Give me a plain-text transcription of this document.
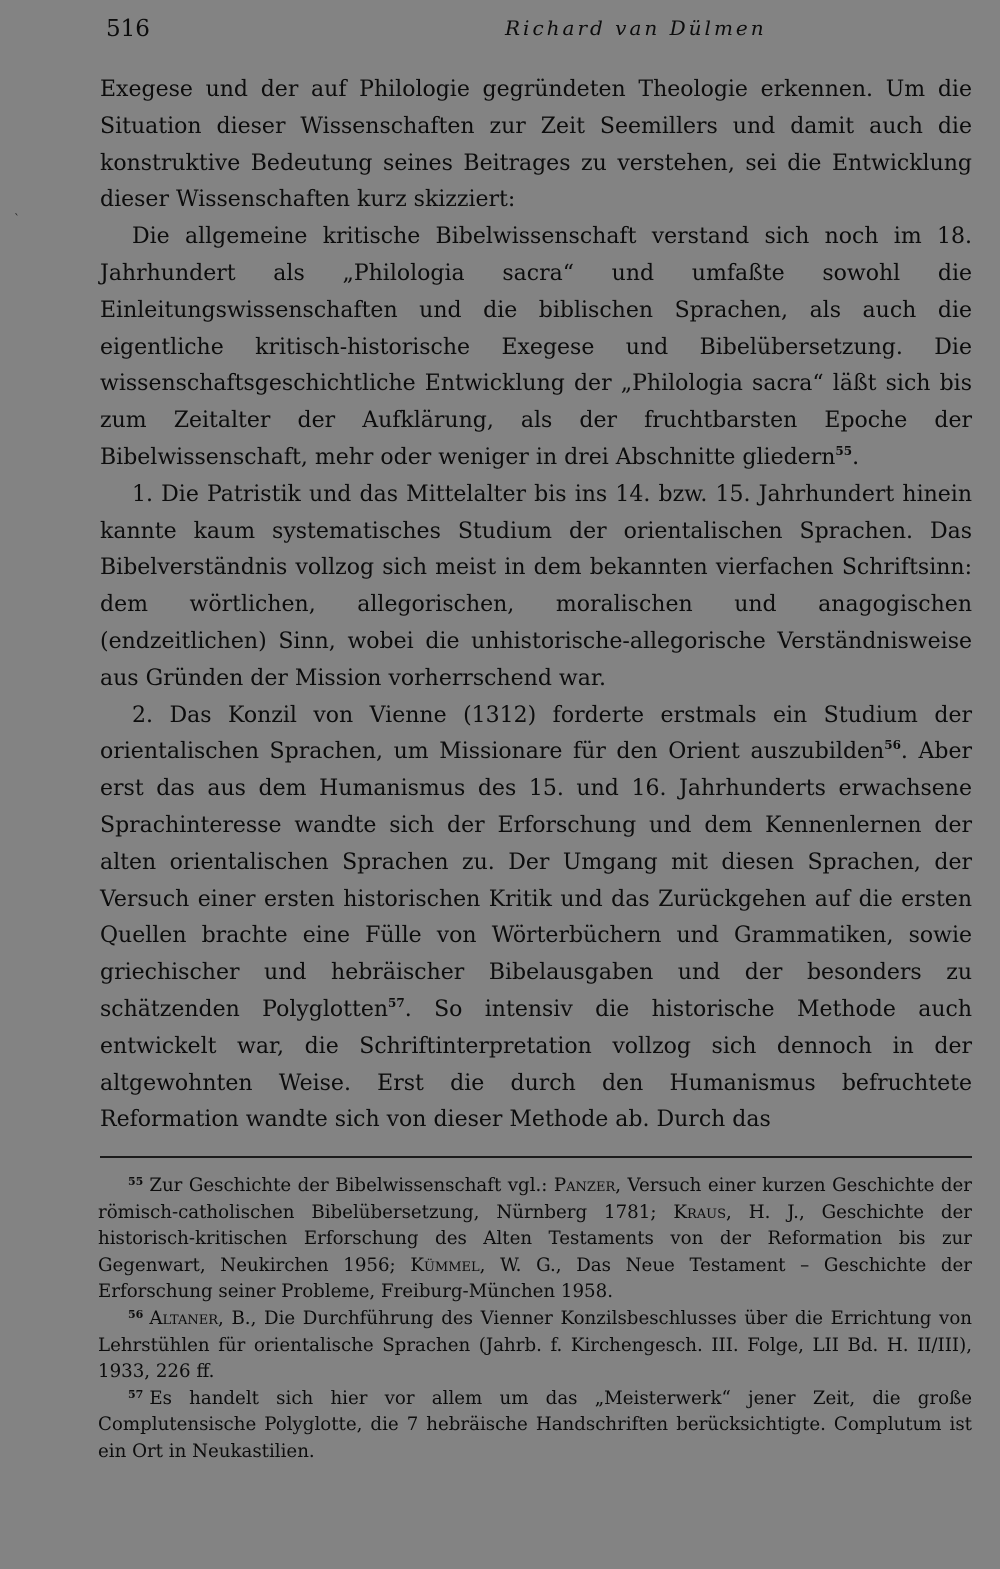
`
516	Richard van Dülmen

Exegese und der auf Philologie gegründeten Theologie erkennen. Um die Situation dieser Wissenschaften zur Zeit Seemillers und damit auch die konstruktive Bedeutung seines Beitrages zu verstehen, sei die Entwicklung dieser Wissenschaften kurz skizziert:

Die allgemeine kritische Bibelwissenschaft verstand sich noch im 18. Jahrhundert als „Philologia sacra“ und umfaßte sowohl die Einleitungswissenschaften und die biblischen Sprachen, als auch die eigentliche kritisch-historische Exegese und Bibelübersetzung. Die wissenschaftsgeschichtliche Entwicklung der „Philologia sacra“ läßt sich bis zum Zeitalter der Aufklärung, als der fruchtbarsten Epoche der Bibelwissenschaft, mehr oder weniger in drei Abschnitte gliedern$^{55}$.

1. Die Patristik und das Mittelalter bis ins 14. bzw. 15. Jahrhundert hinein kannte kaum systematisches Studium der orientalischen Sprachen. Das Bibelverständnis vollzog sich meist in dem bekannten vierfachen Schriftsinn: dem wörtlichen, allegorischen, moralischen und anagogischen (endzeitlichen) Sinn, wobei die unhistorische-allegorische Verständnisweise aus Gründen der Mission vorherrschend war.

2. Das Konzil von Vienne (1312) forderte erstmals ein Studium der orientalischen Sprachen, um Missionare für den Orient auszubilden$^{56}$. Aber erst das aus dem Humanismus des 15. und 16. Jahrhunderts erwachsene Sprachinteresse wandte sich der Erforschung und dem Kennenlernen der alten orientalischen Sprachen zu. Der Umgang mit diesen Sprachen, der Versuch einer ersten historischen Kritik und das Zurückgehen auf die ersten Quellen brachte eine Fülle von Wörterbüchern und Grammatiken, sowie griechischer und hebräischer Bibelausgaben und der besonders zu schätzenden Polyglotten$^{57}$. So intensiv die historische Methode auch entwickelt war, die Schriftinterpretation vollzog sich dennoch in der altgewohnten Weise. Erst die durch den Humanismus befruchtete Reformation wandte sich von dieser Methode ab. Durch das

$^{55}$ Zur Geschichte der Bibelwissenschaft vgl.: Panzer, Versuch einer kurzen Geschichte der römisch-catholischen Bibelübersetzung, Nürnberg 1781; Kraus, H. J., Geschichte der historisch-kritischen Erforschung des Alten Testaments von der Reformation bis zur Gegenwart, Neukirchen 1956; Kümmel, W. G., Das Neue Testament – Geschichte der Erforschung seiner Probleme, Freiburg-München 1958.

$^{56}$ Altaner, B., Die Durchführung des Vienner Konzilsbeschlusses über die Errichtung von Lehrstühlen für orientalische Sprachen (Jahrb. f. Kirchengesch. III. Folge, LII Bd. H. II/III), 1933, 226 ff.

$^{57}$ Es handelt sich hier vor allem um das „Meisterwerk“ jener Zeit, die große Complutensische Polyglotte, die 7 hebräische Handschriften berücksichtigte. Complutum ist ein Ort in Neukastilien.
